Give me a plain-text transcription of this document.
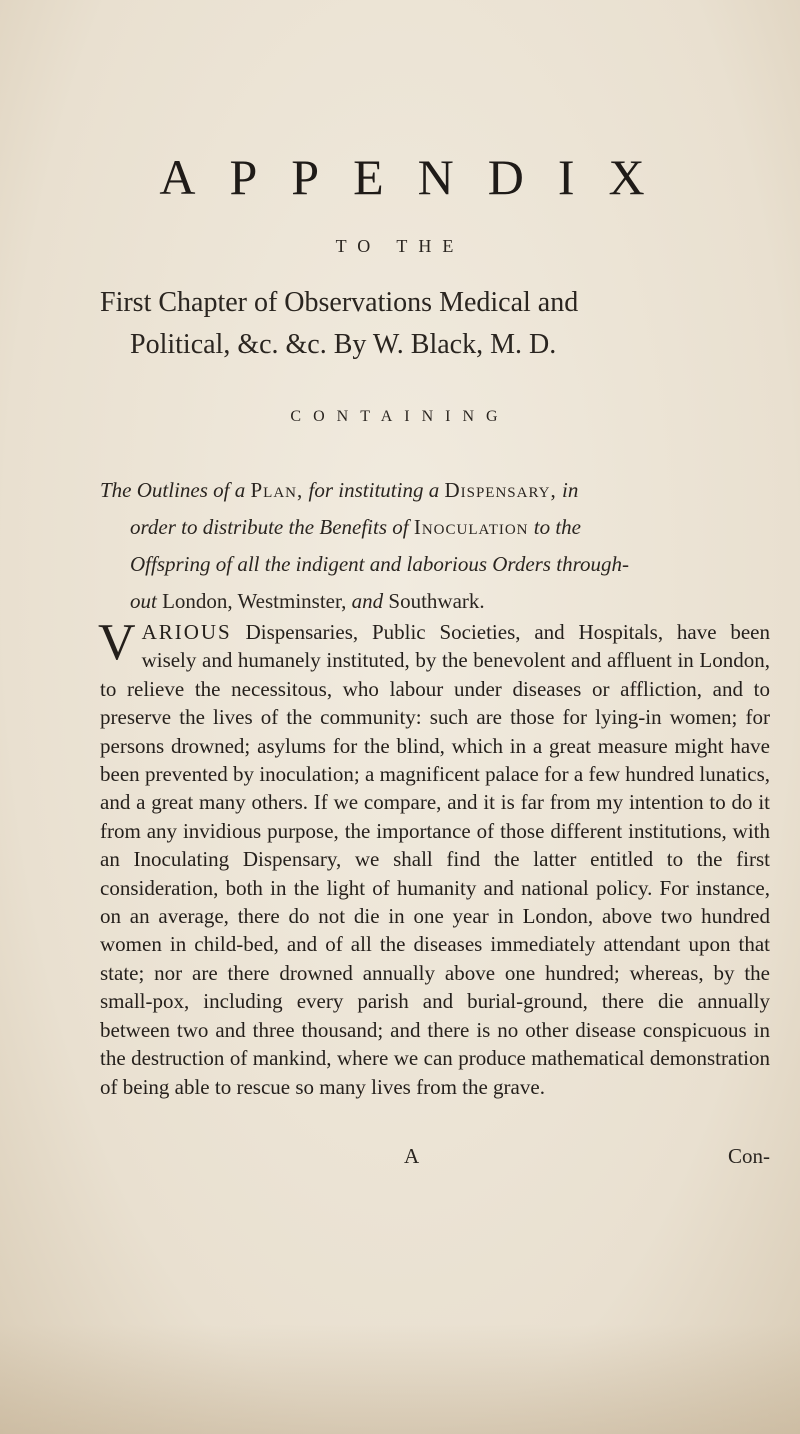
APPENDIX
TO THE
First Chapter of Observations Medical and
Political, &c. &c. By W. Black, M. D.
CONTAINING
The Outlines of a Plan, for instituting a Dispensary, in
order to distribute the Benefits of Inoculation to the
Offspring of all the indigent and laborious Orders through-
out London, Westminster, and Southwark.
VARIOUS Dispensaries, Public Societies, and Hospitals, have been wisely and humanely instituted, by the benevolent and affluent in London, to relieve the necessitous, who labour under diseases or affliction, and to preserve the lives of the community: such are those for lying-in women; for persons drowned; asylums for the blind, which in a great measure might have been prevented by inoculation; a magnificent palace for a few hundred lunatics, and a great many others. If we compare, and it is far from my intention to do it from any invidious purpose, the importance of those different institutions, with an Inoculating Dispensary, we shall find the latter entitled to the first consideration, both in the light of humanity and national policy. For instance, on an average, there do not die in one year in London, above two hundred women in child-bed, and of all the diseases immediately attendant upon that state; nor are there drowned annually above one hundred; whereas, by the small-pox, including every parish and burial-ground, there die annually between two and three thousand; and there is no other disease conspicuous in the destruction of mankind, where we can produce mathematical demonstration of being able to rescue so many lives from the grave.
A	Con-
